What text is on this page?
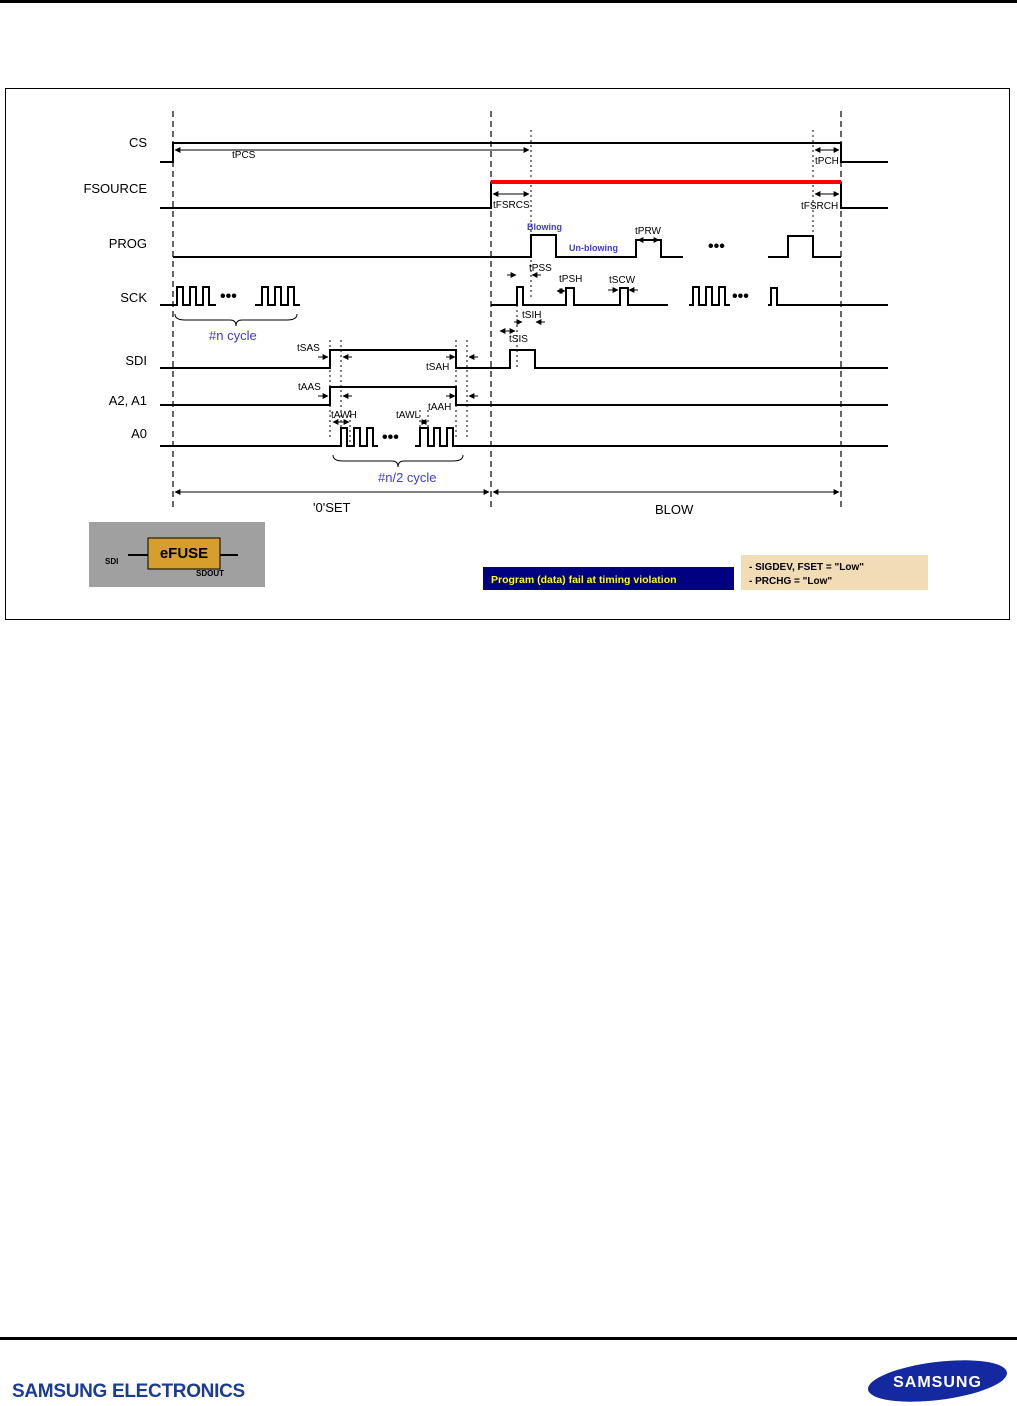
CS
FSOURCE
PROG
SCK
SDI
A2, A1
A0
•••	•••
•••
•••
tPCS
tPCH
tFSRCS	tFSRCH
tPRW
tPSS
tPSH	tSCW
tSIH
tSIS
tSAS
tSAH
tAAS
tAWH	tAWL
tAAH
1.5V
Blowing
Un-blowing
#n cycle
#n/2 cycle
'0'SET	BLOW
eFUSE
SDI
SDOUT
Program (data) fail at timing violation
- SIGDEV, FSET = "Low"
- PRCHG = "Low"
SAMSUNG ELECTRONICS	SAMSUNG
